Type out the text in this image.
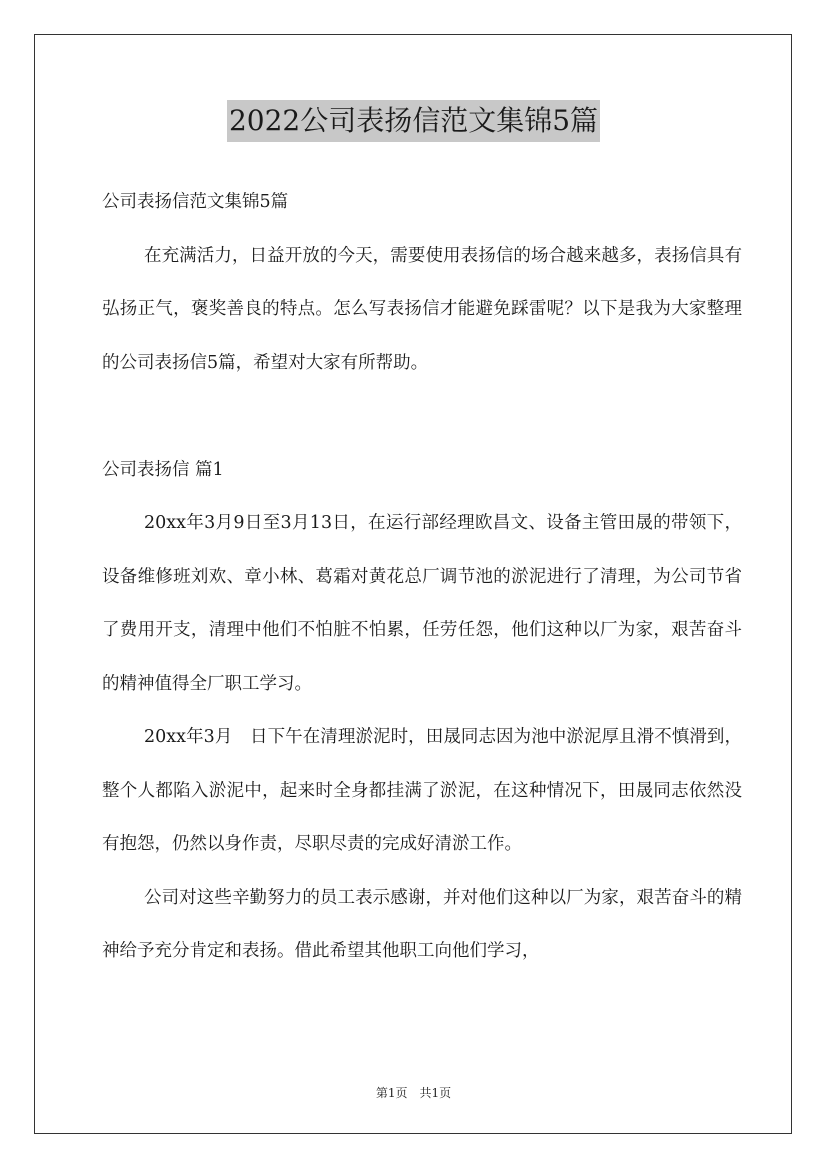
2022公司表扬信范文集锦5篇

公司表扬信范文集锦5篇

在充满活力，日益开放的今天，需要使用表扬信的场合越来越多，表扬信具有弘扬正气，褒奖善良的特点。怎么写表扬信才能避免踩雷呢？以下是我为大家整理的公司表扬信5篇，希望对大家有所帮助。

公司表扬信 篇1

20xx年3月9日至3月13日，在运行部经理欧昌文、设备主管田晟的带领下，设备维修班刘欢、章小林、葛霜对黄花总厂调节池的淤泥进行了清理，为公司节省了费用开支，清理中他们不怕脏不怕累，任劳任怨，他们这种以厂为家，艰苦奋斗的精神值得全厂职工学习。

20xx年3月　日下午在清理淤泥时，田晟同志因为池中淤泥厚且滑不慎滑到，整个人都陷入淤泥中，起来时全身都挂满了淤泥，在这种情况下，田晟同志依然没有抱怨，仍然以身作责，尽职尽责的完成好清淤工作。

公司对这些辛勤努力的员工表示感谢，并对他们这种以厂为家，艰苦奋斗的精神给予充分肯定和表扬。借此希望其他职工向他们学习，

第1页　共1页
